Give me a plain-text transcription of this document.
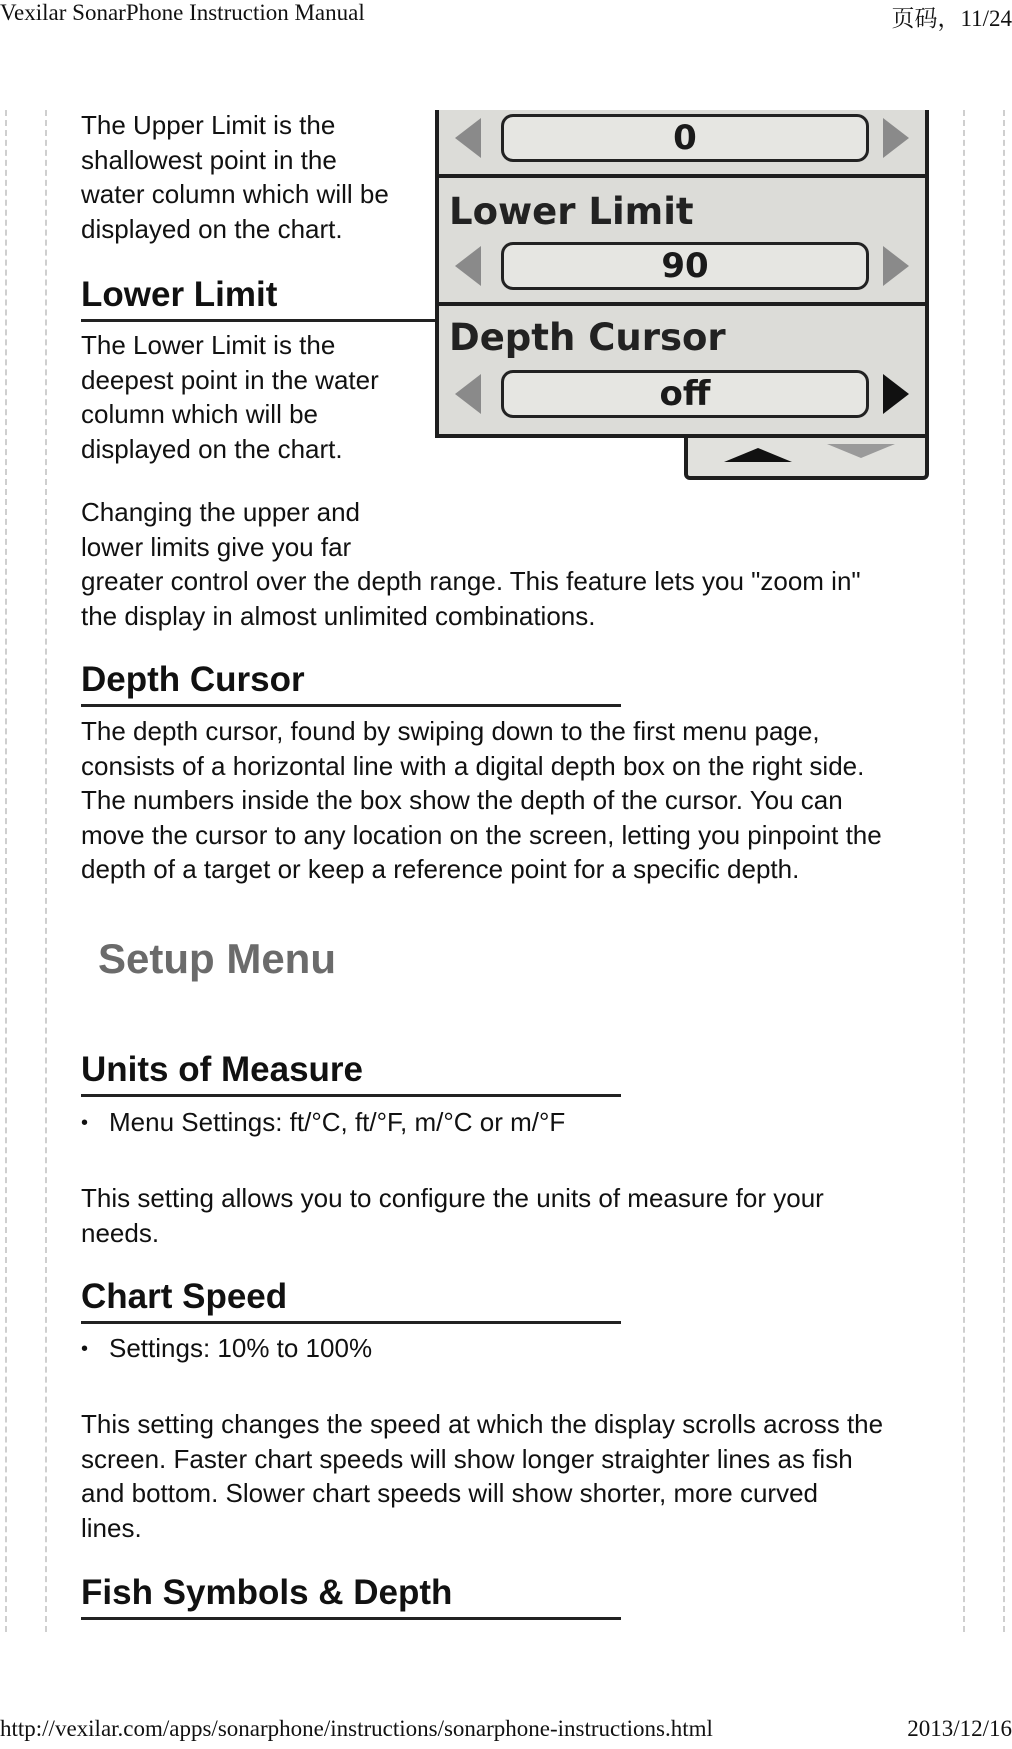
Vexilar SonarPhone Instruction Manual	页码，11/24
The Upper Limit is the
shallowest point in the
water column which will be
displayed on the chart.
Lower Limit
The Lower Limit is the
deepest point in the water
column which will be
displayed on the chart.
Changing the upper and
lower limits give you far
greater control over the depth range. This feature lets you "zoom in"
the display in almost unlimited combinations.
Depth Cursor
The depth cursor, found by swiping down to the first menu page,
consists of a horizontal line with a digital depth box on the right side.
The numbers inside the box show the depth of the cursor. You can
move the cursor to any location on the screen, letting you pinpoint the
depth of a target or keep a reference point for a specific depth.
Setup Menu
Units of Measure
• Menu Settings: ft/°C, ft/°F, m/°C or m/°F
This setting allows you to configure the units of measure for your
needs.
Chart Speed
• Settings: 10% to 100%
This setting changes the speed at which the display scrolls across the
screen. Faster chart speeds will show longer straighter lines as fish
and bottom. Slower chart speeds will show shorter, more curved
lines.
Fish Symbols & Depth
0
Lower Limit
90
Depth Cursor
off
http://vexilar.com/apps/sonarphone/instructions/sonarphone-instructions.html	2013/12/16
